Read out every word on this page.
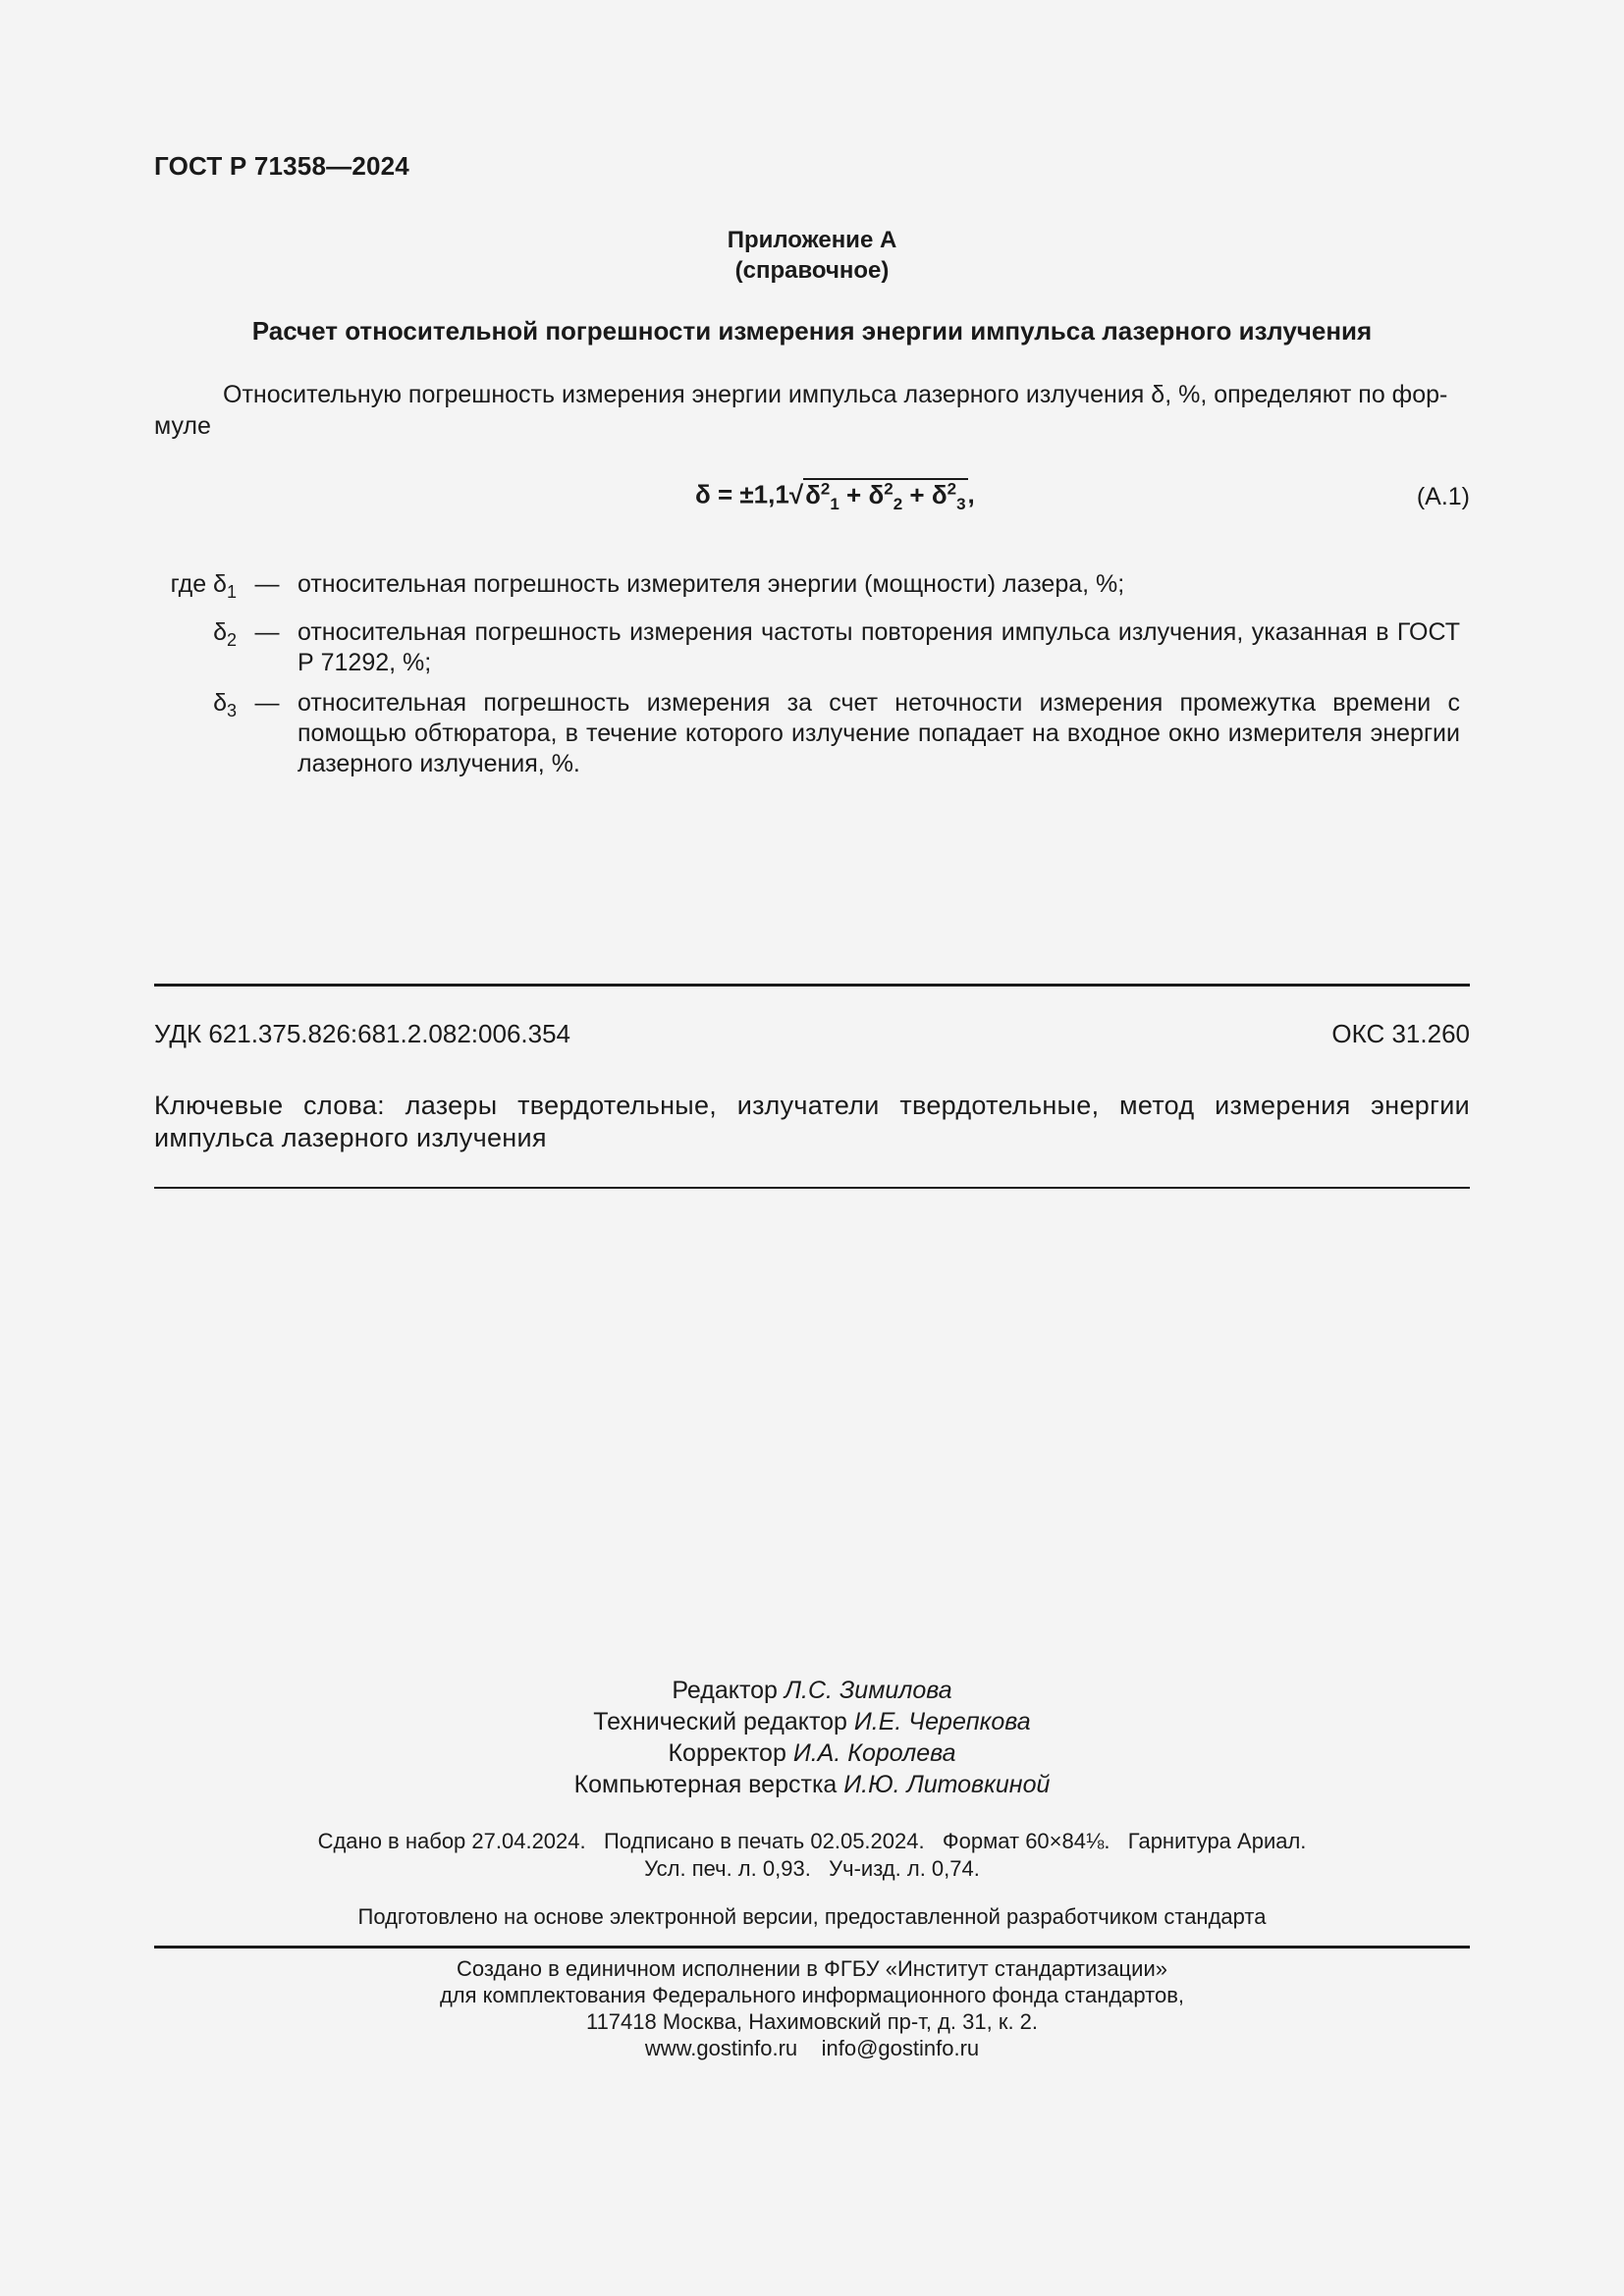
ГОСТ Р 71358—2024
Приложение А
(справочное)
Расчет относительной погрешности измерения энергии импульса лазерного излучения
Относительную погрешность измерения энергии импульса лазерного излучения δ, %, определяют по фор-
муле
$\delta = \pm 1,1√\delta^2_1 + \delta^2_2 + \delta^2_3$,	(А.1)
где $\delta_1$ — относительная погрешность измерителя энергии (мощности) лазера, %;
$\delta_2$ — относительная погрешность измерения частоты повторения импульса излучения, указанная в ГОСТ Р 71292, %;
$\delta_3$ — относительная погрешность измерения за счет неточности измерения промежутка времени с помощью обтюратора, в течение которого излучение попадает на входное окно измерителя энергии лазерного излучения, %.
УДК 621.375.826:681.2.082:006.354	ОКС 31.260
Ключевые слова: лазеры твердотельные, излучатели твердотельные, метод измерения энергии импульса лазерного излучения
Редактор Л.С. Зимилова
Технический редактор И.Е. Черепкова
Корректор И.А. Королева
Компьютерная верстка И.Ю. Литовкиной
Сдано в набор 27.04.2024.   Подписано в печать 02.05.2024.   Формат 60×84⅛.   Гарнитура Ариал.
Усл. печ. л. 0,93.   Уч-изд. л. 0,74.
Подготовлено на основе электронной версии, предоставленной разработчиком стандарта
Создано в единичном исполнении в ФГБУ «Институт стандартизации»
для комплектования Федерального информационного фонда стандартов,
117418 Москва, Нахимовский пр-т, д. 31, к. 2.
www.gostinfo.ru    info@gostinfo.ru
